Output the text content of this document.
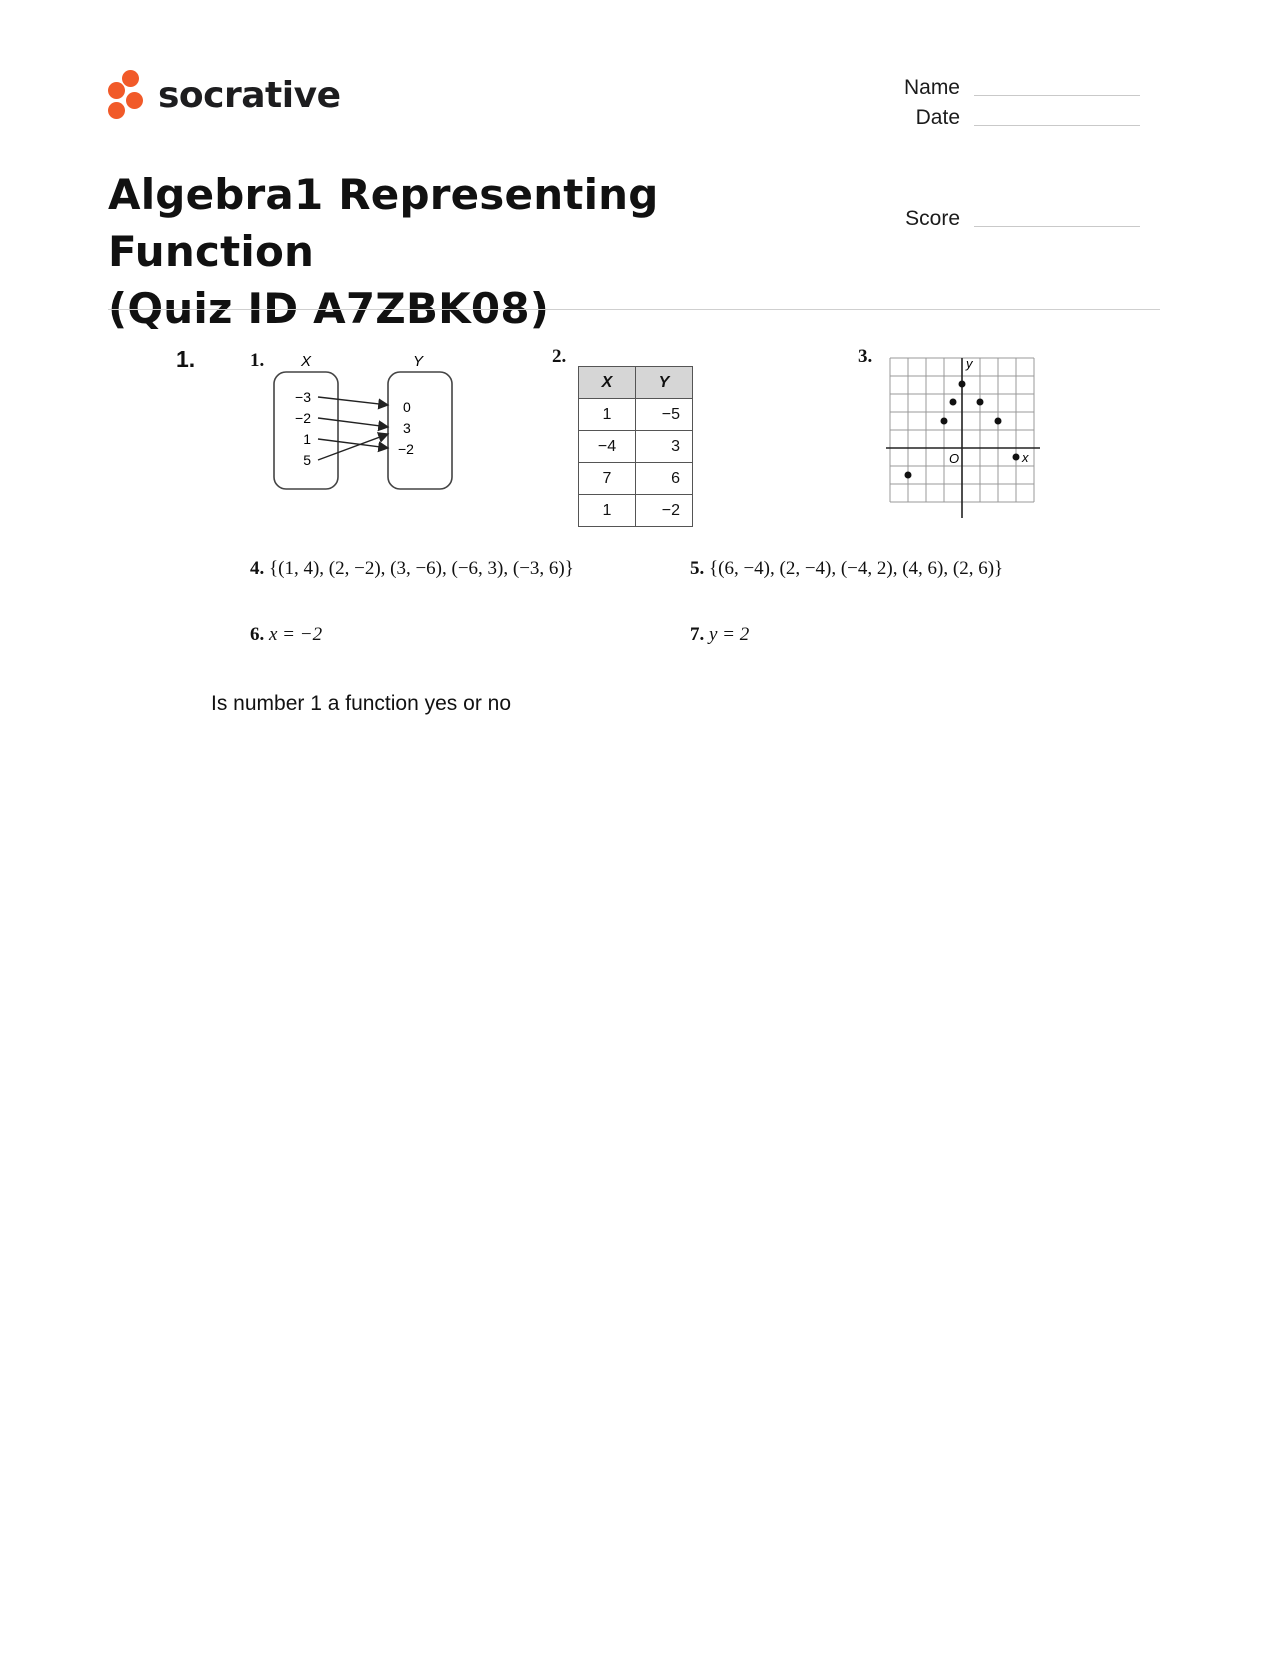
socrative	Name
Date
Score
Algebra1 Representing Function
(Quiz ID A7ZBK08)
1.	1. X	Y
−3
−2
1
5
0
3
−2
2.
X	Y
1	−5
−4	3
7	6
1	−2
3.
x
y
O
4. {(1, 4), (2, −2), (3, −6), (−6, 3), (−3, 6)}	5. {(6, −4), (2, −4), (−4, 2), (4, 6), (2, 6)}
6. x = −2	7. y = 2
Is number 1 a function yes or no
